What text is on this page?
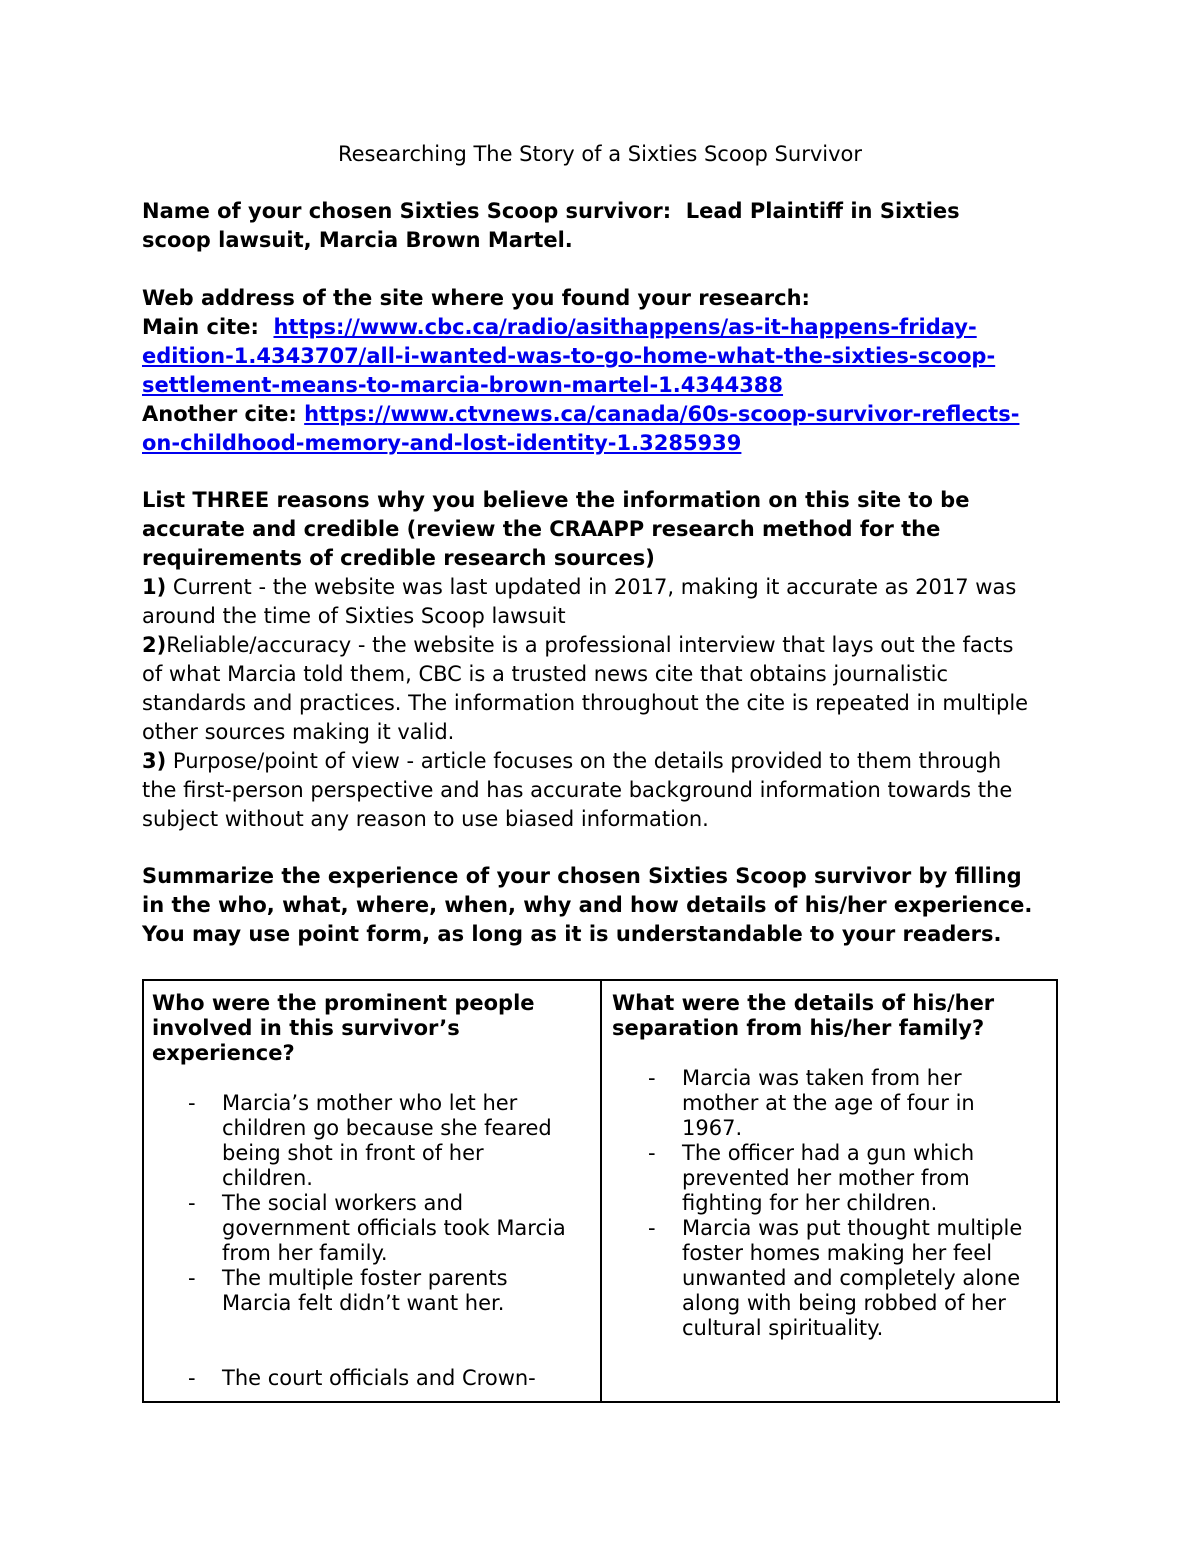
Researching The Story of a Sixties Scoop Survivor
Name of your chosen Sixties Scoop survivor: Lead Plaintiff in Sixties
scoop lawsuit, Marcia Brown Martel.
Web address of the site where you found your research:
Main cite: https://www.cbc.ca/radio/asithappens/as-it-happens-friday-
edition-1.4343707/all-i-wanted-was-to-go-home-what-the-sixties-scoop-
settlement-means-to-marcia-brown-martel-1.4344388
Another cite: https://www.ctvnews.ca/canada/60s-scoop-survivor-reflects-
on-childhood-memory-and-lost-identity-1.3285939
List THREE reasons why you believe the information on this site to be
accurate and credible (review the CRAAPP research method for the
requirements of credible research sources)
1) Current - the website was last updated in 2017, making it accurate as 2017 was
around the time of Sixties Scoop lawsuit
2)Reliable/accuracy - the website is a professional interview that lays out the facts
of what Marcia told them, CBC is a trusted news cite that obtains journalistic
standards and practices. The information throughout the cite is repeated in multiple
other sources making it valid.
3) Purpose/point of view - article focuses on the details provided to them through
the first-person perspective and has accurate background information towards the
subject without any reason to use biased information.
Summarize the experience of your chosen Sixties Scoop survivor by filling
in the who, what, where, when, why and how details of his/her experience.
You may use point form, as long as it is understandable to your readers.
Who were the prominent people
involved in this survivor’s
experience?
- Marcia’s mother who let her
children go because she feared
being shot in front of her
children.
- The social workers and
government officials took Marcia
from her family.
- The multiple foster parents
Marcia felt didn’t want her.
- The court officials and Crown-
What were the details of his/her
separation from his/her family?
- Marcia was taken from her
mother at the age of four in
1967.
- The officer had a gun which
prevented her mother from
fighting for her children.
- Marcia was put thought multiple
foster homes making her feel
unwanted and completely alone
along with being robbed of her
cultural spirituality.
